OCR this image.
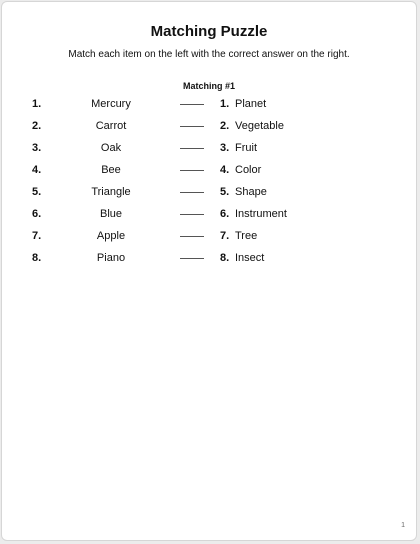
Matching Puzzle
Match each item on the left with the correct answer on the right.
Matching #1
1.	Mercury	1. Planet
2.	Carrot	2. Vegetable
3.	Oak	3. Fruit
4.	Bee	4. Color
5.	Triangle	5. Shape
6.	Blue	6. Instrument
7.	Apple	7. Tree
8.	Piano	8. Insect
1
